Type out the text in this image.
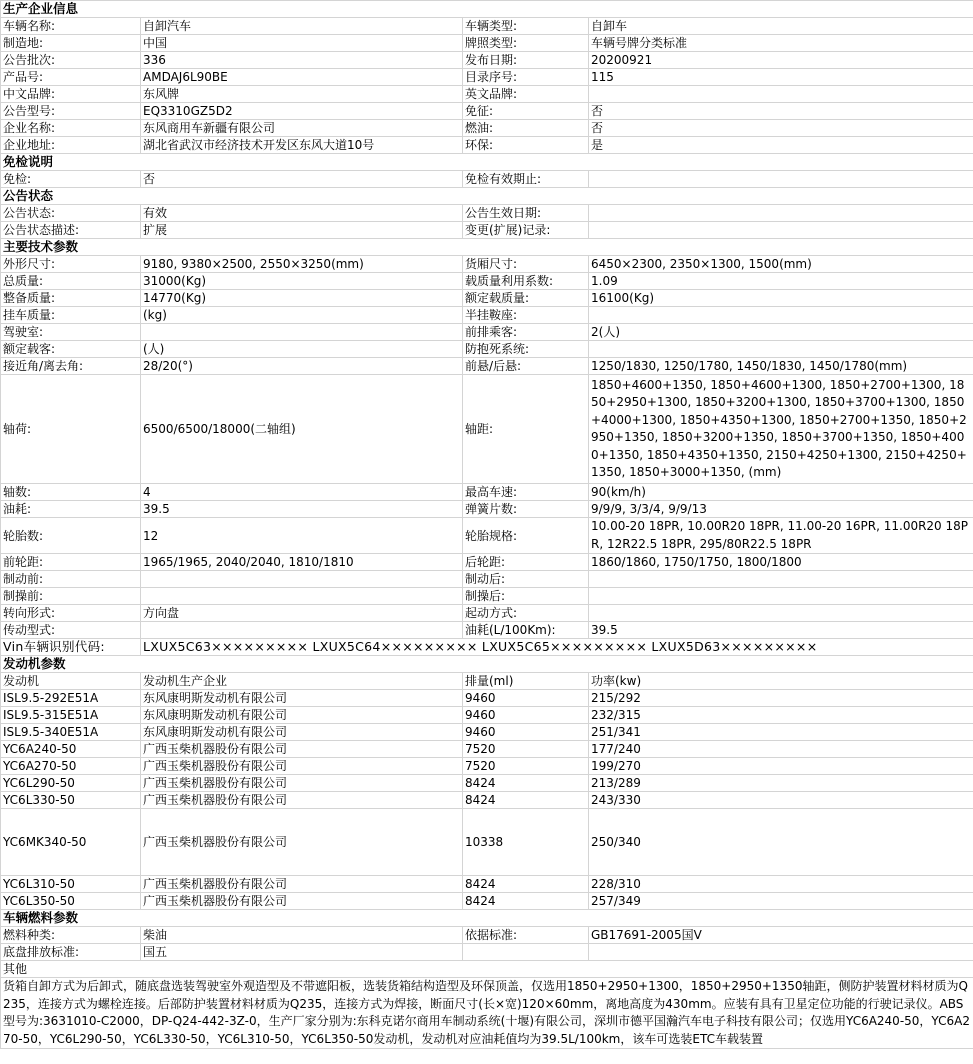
生产企业信息			
车辆名称:	自卸汽车	车辆类型:	自卸车
制造地:	中国	牌照类型:	车辆号牌分类标准
公告批次:	336	发布日期:	20200921
产品号:	AMDAJ6L90BE	目录序号:	115
中文品牌:	东风牌	英文品牌:	
公告型号:	EQ3310GZ5D2	免征:	否
企业名称:	东风商用车新疆有限公司	燃油:	否
企业地址:	湖北省武汉市经济技术开发区东风大道10号	环保:	是
免检说明			
免检:	否	免检有效期止:	
公告状态			
公告状态:	有效	公告生效日期:	
公告状态描述:	扩展	变更(扩展)记录:	
主要技术参数			
外形尺寸:	9180, 9380×2500, 2550×3250(mm)	货厢尺寸:	6450×2300, 2350×1300, 1500(mm)
总质量:	31000(Kg)	载质量利用系数:	1.09
整备质量:	14770(Kg)	额定载质量:	16100(Kg)
挂车质量:	(kg)	半挂鞍座:	
驾驶室:		前排乘客:	2(人)
额定载客:	(人)	防抱死系统:	
接近角/离去角:	28/20(°)	前悬/后悬:	1250/1830, 1250/1780, 1450/1830, 1450/1780(mm)
轴荷:	6500/6500/18000(二轴组)	轴距:	1850+4600+1350, 1850+4600+1300, 1850+2700+1300, 1850+2950+1300, 1850+3200+1300, 1850+3700+1300, 1850+4000+1300, 1850+4350+1300, 1850+2700+1350, 1850+2950+1350, 1850+3200+1350, 1850+3700+1350, 1850+4000+1350, 1850+4350+1350, 2150+4250+1300, 2150+4250+1350, 1850+3000+1350, (mm)
轴数:	4	最高车速:	90(km/h)
油耗:	39.5	弹簧片数:	9/9/9, 3/3/4, 9/9/13
轮胎数:	12	轮胎规格:	10.00-20 18PR, 10.00R20 18PR, 11.00-20 16PR, 11.00R20 18PR, 12R22.5 18PR, 295/80R22.5 18PR
前轮距:	1965/1965, 2040/2040, 1810/1810	后轮距:	1860/1860, 1750/1750, 1800/1800
制动前:		制动后:	
制操前:		制操后:	
转向形式:	方向盘	起动方式:	
传动型式:		油耗(L/100Km):	39.5
Vin车辆识别代码:	LXUX5C63××××××××× LXUX5C64××××××××× LXUX5C65××××××××× LXUX5D63×××××××××		
发动机参数			
发动机	发动机生产企业	排量(ml)	功率(kw)
ISL9.5-292E51A	东风康明斯发动机有限公司	9460	215/292
ISL9.5-315E51A	东风康明斯发动机有限公司	9460	232/315
ISL9.5-340E51A	东风康明斯发动机有限公司	9460	251/341
YC6A240-50	广西玉柴机器股份有限公司	7520	177/240
YC6A270-50	广西玉柴机器股份有限公司	7520	199/270
YC6L290-50	广西玉柴机器股份有限公司	8424	213/289
YC6L330-50	广西玉柴机器股份有限公司	8424	243/330
YC6MK340-50	广西玉柴机器股份有限公司	10338	250/340
YC6L310-50	广西玉柴机器股份有限公司	8424	228/310
YC6L350-50	广西玉柴机器股份有限公司	8424	257/349
车辆燃料参数			
燃料种类:	柴油	依据标准:	GB17691-2005国Ⅴ
底盘排放标准:	国五		
其他			
货箱自卸方式为后卸式，随底盘选装驾驶室外观造型及不带遮阳板，选装货箱结构造型及环保顶盖，仅选用1850+2950+1300，1850+2950+1350轴距，侧防护装置材料材质为Q235，连接方式为螺栓连接。后部防护装置材料材质为Q235，连接方式为焊接，断面尺寸(长×宽)120×60mm，离地高度为430mm。应装有具有卫星定位功能的行驶记录仪。ABS型号为:3631010-C2000，DP-Q24-442-3Z-0，生产厂家分别为:东科克诺尔商用车制动系统(十堰)有限公司，深圳市德平国瀚汽车电子科技有限公司；仅选用YC6A240-50，YC6A270-50，YC6L290-50，YC6L330-50，YC6L310-50，YC6L350-50发动机，发动机对应油耗值均为39.5L/100km，该车可选装ETC车载装置			
